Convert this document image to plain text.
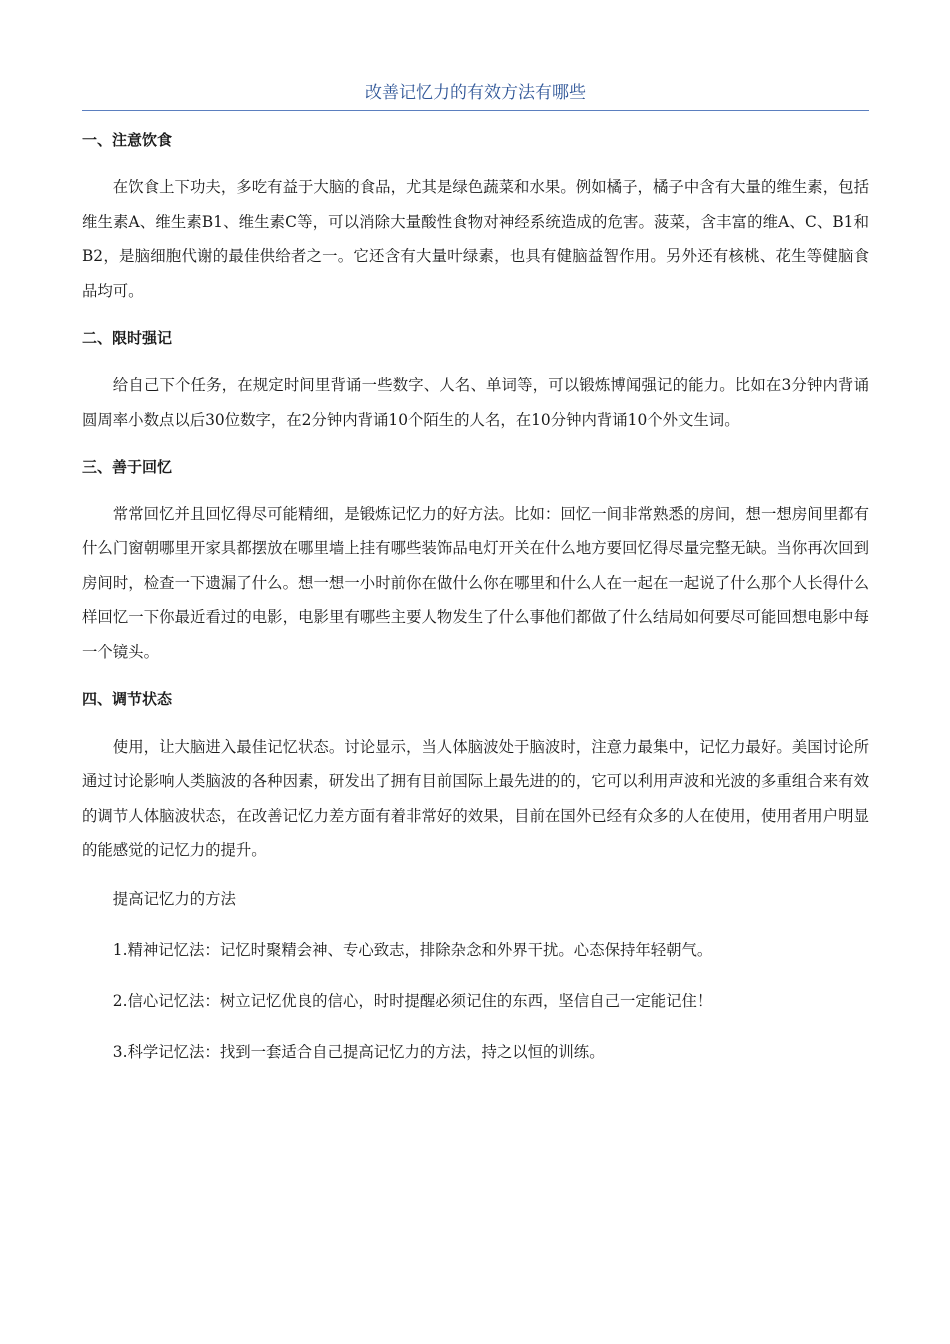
改善记忆力的有效方法有哪些

一、注意饮食

在饮食上下功夫，多吃有益于大脑的食品，尤其是绿色蔬菜和水果。例如橘子，橘子中含有大量的维生素，包括维生素A、维生素B1、维生素C等，可以消除大量酸性食物对神经系统造成的危害。菠菜，含丰富的维A、C、B1和B2，是脑细胞代谢的最佳供给者之一。它还含有大量叶绿素，也具有健脑益智作用。另外还有核桃、花生等健脑食品均可。

二、限时强记

给自己下个任务，在规定时间里背诵一些数字、人名、单词等，可以锻炼博闻强记的能力。比如在3分钟内背诵圆周率小数点以后30位数字，在2分钟内背诵10个陌生的人名，在10分钟内背诵10个外文生词。

三、善于回忆

常常回忆并且回忆得尽可能精细，是锻炼记忆力的好方法。比如：回忆一间非常熟悉的房间，想一想房间里都有什么门窗朝哪里开家具都摆放在哪里墙上挂有哪些装饰品电灯开关在什么地方要回忆得尽量完整无缺。当你再次回到房间时，检查一下遗漏了什么。想一想一小时前你在做什么你在哪里和什么人在一起在一起说了什么那个人长得什么样回忆一下你最近看过的电影，电影里有哪些主要人物发生了什么事他们都做了什么结局如何要尽可能回想电影中每一个镜头。

四、调节状态

使用，让大脑进入最佳记忆状态。讨论显示，当人体脑波处于脑波时，注意力最集中，记忆力最好。美国讨论所通过讨论影响人类脑波的各种因素，研发出了拥有目前国际上最先进的的，它可以利用声波和光波的多重组合来有效的调节人体脑波状态，在改善记忆力差方面有着非常好的效果，目前在国外已经有众多的人在使用，使用者用户明显的能感觉的记忆力的提升。

提高记忆力的方法

1.精神记忆法：记忆时聚精会神、专心致志，排除杂念和外界干扰。心态保持年轻朝气。

2.信心记忆法：树立记忆优良的信心，时时提醒必须记住的东西，坚信自己一定能记住！

3.科学记忆法：找到一套适合自己提高记忆力的方法，持之以恒的训练。
